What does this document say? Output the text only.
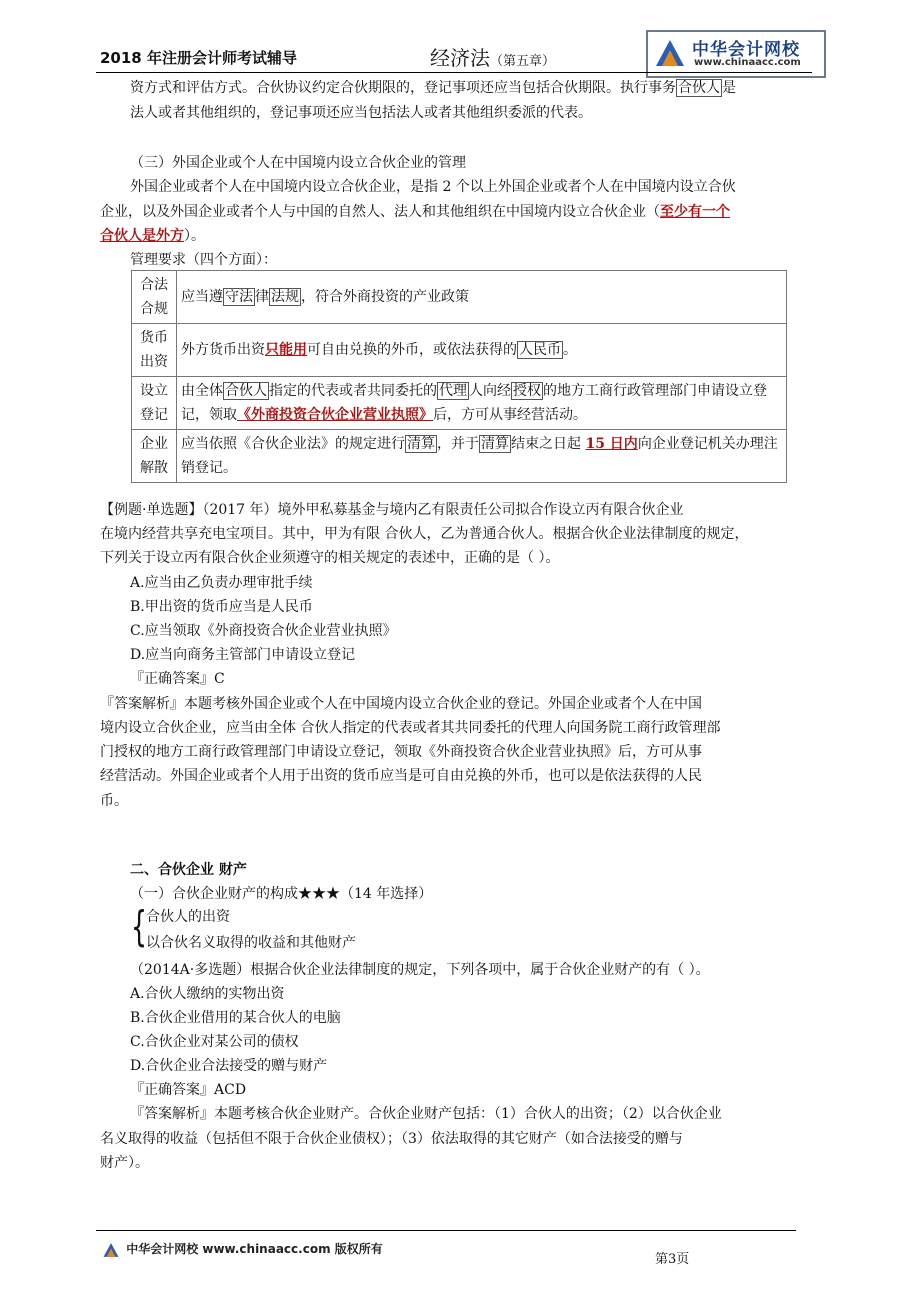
2018 年注册会计师考试辅导	经济法（第五章）
中华会计网校
www.chinaacc.com
资方式和评估方式。合伙协议约定合伙期限的，登记事项还应当包括合伙期限。执行事务 合伙人 是
法人或者其他组织的，登记事项还应当包括法人或者其他组织委派的代表。
（三）外国企业或个人在中国境内设立合伙企业的管理
外国企业或者个人在中国境内设立合伙企业，是指 2 个以上外国企业或者个人在中国境内设立合伙
企业，以及外国企业或者个人与中国的自然人、法人和其他组织在中国境内设立合伙企业（至少有一个
合伙人是外方）。
管理要求（四个方面）：
合法合规	应当遵 守法 律 法规 ，符合外商投资的产业政策
货币出资	外方货币出资只能用可自由兑换的外币，或依法获得的 人民币 。
设立登记	由全体 合伙人 指定的代表或者共同委托的 代理 人向经 授权 的地方工商行政管理部门申请设立登记，领取《外商投资合伙企业营业执照》后，方可从事经营活动。
企业解散	应当依照《合伙企业法》的规定进行 清算 ，并于 清算 结束之日起 15 日内向企业登记机关办理注销登记。
【例题·单选题】（2017 年）境外甲私募基金与境内乙有限责任公司拟合作设立丙有限合伙企业
在境内经营共享充电宝项目。其中，甲为有限 合伙人，乙为普通合伙人。根据合伙企业法律制度的规定，
下列关于设立丙有限合伙企业须遵守的相关规定的表述中，正确的是（ ）。
A.应当由乙负责办理审批手续
B.甲出资的货币应当是人民币
C.应当领取《外商投资合伙企业营业执照》
D.应当向商务主管部门申请设立登记
『正确答案』C
『答案解析』本题考核外国企业或个人在中国境内设立合伙企业的登记。外国企业或者个人在中国
境内设立合伙企业，应当由全体 合伙人指定的代表或者其共同委托的代理人向国务院工商行政管理部
门授权的地方工商行政管理部门申请设立登记，领取《外商投资合伙企业营业执照》后，方可从事
经营活动。外国企业或者个人用于出资的货币应当是可自由兑换的外币，也可以是依法获得的人民
币。
二、合伙企业 财产
（一）合伙企业财产的构成★★★（14 年选择）
{
合伙人的出资
以合伙名义取得的收益和其他财产
（2014A·多选题）根据合伙企业法律制度的规定，下列各项中，属于合伙企业财产的有（ ）。
A.合伙人缴纳的实物出资
B.合伙企业借用的某合伙人的电脑
C.合伙企业对某公司的债权
D.合伙企业合法接受的赠与财产
『正确答案』ACD
『答案解析』本题考核合伙企业财产。合伙企业财产包括：（1）合伙人的出资；（2）以合伙企业
名义取得的收益（包括但不限于合伙企业债权）；（3）依法取得的其它财产（如合法接受的赠与
财产）。
中华会计网校 www.chinaacc.com 版权所有
第3页
